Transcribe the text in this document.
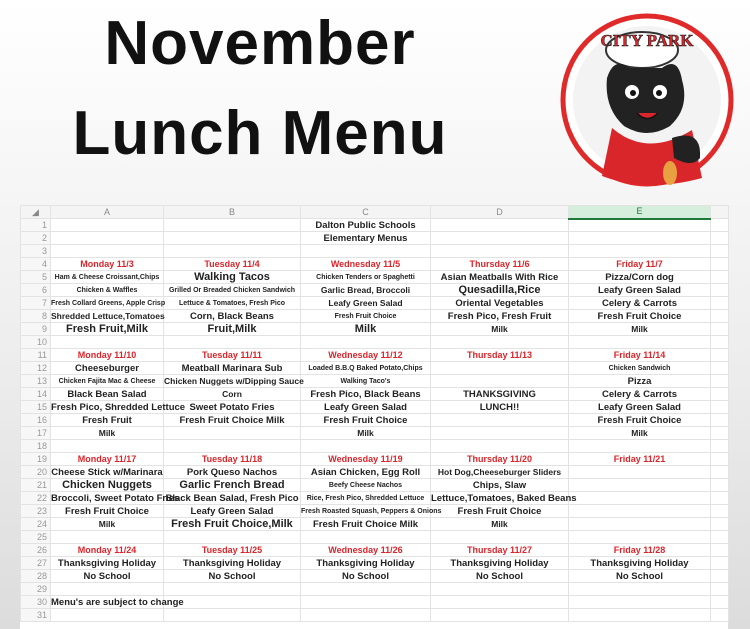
November
Lunch Menu
CITY PARK
◢	A	B	C	D	E	
1			Dalton Public Schools			
2			Elementary Menus			
3						
4	Monday 11/3	Tuesday 11/4	Wednesday 11/5	Thursday 11/6	Friday 11/7	
5	Ham & Cheese Croissant,Chips	Walking Tacos	Chicken Tenders or Spaghetti	Asian Meatballs With Rice	Pizza/Corn dog	
6	Chicken & Waffles	Grilled Or Breaded Chicken Sandwich	Garlic Bread, Broccoli	Quesadilla,Rice	Leafy Green Salad	
7	Fresh Collard Greens, Apple Crisp	Lettuce & Tomatoes, Fresh Pico	Leafy Green Salad	Oriental Vegetables	Celery & Carrots	
8	Shredded Lettuce,Tomatoes	Corn, Black Beans	Fresh Fruit Choice	Fresh Pico, Fresh Fruit	Fresh Fruit Choice	
9	Fresh Fruit,Milk	Fruit,Milk	Milk	Milk	Milk	
10						
11	Monday 11/10	Tuesday 11/11	Wednesday 11/12	Thursday 11/13	Friday 11/14	
12	Cheeseburger	Meatball Marinara Sub	Loaded B.B.Q Baked Potato,Chips		Chicken Sandwich	
13	Chicken Fajita Mac & Cheese	Chicken Nuggets w/Dipping Sauce	Walking Taco's		Pizza	
14	Black Bean Salad	Corn	Fresh Pico, Black Beans	THANKSGIVING	Celery & Carrots	
15	Fresh Pico, Shredded Lettuce	Sweet Potato Fries	Leafy Green Salad	LUNCH!!	Leafy Green Salad	
16	Fresh Fruit	Fresh Fruit Choice Milk	Fresh Fruit Choice		Fresh Fruit Choice	
17	Milk		Milk		Milk	
18						
19	Monday 11/17	Tuesday 11/18	Wednesday 11/19	Thursday 11/20	Friday 11/21	
20	Cheese Stick w/Marinara	Pork Queso Nachos	Asian Chicken, Egg Roll	Hot Dog,Cheeseburger Sliders		
21	Chicken Nuggets	Garlic French Bread	Beefy Cheese Nachos	Chips, Slaw		
22	Broccoli, Sweet Potato Fries	Black Bean Salad, Fresh Pico	Rice, Fresh Pico, Shredded Lettuce	Lettuce,Tomatoes, Baked Beans		
23	Fresh Fruit Choice	Leafy Green Salad	Fresh Roasted Squash, Peppers & Onions	Fresh Fruit Choice		
24	Milk	Fresh Fruit Choice,Milk	Fresh Fruit Choice Milk	Milk		
25						
26	Monday 11/24	Tuesday 11/25	Wednesday 11/26	Thursday 11/27	Friday 11/28	
27	Thanksgiving Holiday	Thanksgiving Holiday	Thanksgiving Holiday	Thanksgiving Holiday	Thanksgiving Holiday	
28	No School	No School	No School	No School	No School	
29						
30	Menu's are subject to change					
31						
